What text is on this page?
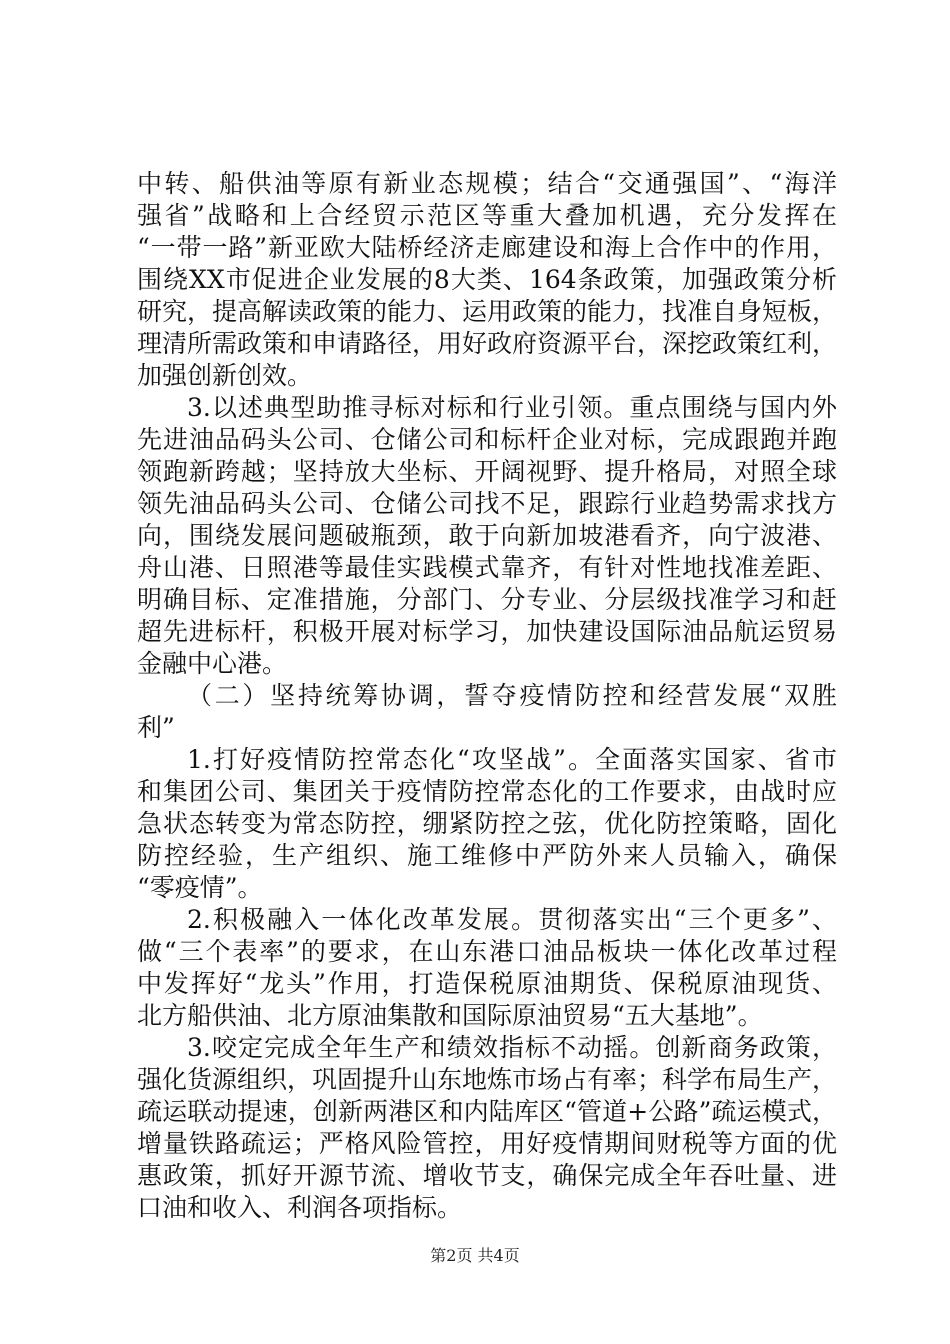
中转、船供油等原有新业态规模；结合“交通强国”、“海洋
强省”战略和上合经贸示范区等重大叠加机遇，充分发挥在
“一带一路”新亚欧大陆桥经济走廊建设和海上合作中的作用，
围绕XX市促进企业发展的8大类、164条政策，加强政策分析
研究，提高解读政策的能力、运用政策的能力，找准自身短板，
理清所需政策和申请路径，用好政府资源平台，深挖政策红利，
加强创新创效。
3.以述典型助推寻标对标和行业引领。重点围绕与国内外
先进油品码头公司、仓储公司和标杆企业对标，完成跟跑并跑
领跑新跨越；坚持放大坐标、开阔视野、提升格局，对照全球
领先油品码头公司、仓储公司找不足，跟踪行业趋势需求找方
向，围绕发展问题破瓶颈，敢于向新加坡港看齐，向宁波港、
舟山港、日照港等最佳实践模式靠齐，有针对性地找准差距、
明确目标、定准措施，分部门、分专业、分层级找准学习和赶
超先进标杆，积极开展对标学习，加快建设国际油品航运贸易
金融中心港。
（二）坚持统筹协调，誓夺疫情防控和经营发展“双胜
利”
1.打好疫情防控常态化“攻坚战”。全面落实国家、省市
和集团公司、集团关于疫情防控常态化的工作要求，由战时应
急状态转变为常态防控，绷紧防控之弦，优化防控策略，固化
防控经验，生产组织、施工维修中严防外来人员输入，确保
“零疫情”。
2.积极融入一体化改革发展。贯彻落实出“三个更多”、
做“三个表率”的要求，在山东港口油品板块一体化改革过程
中发挥好“龙头”作用，打造保税原油期货、保税原油现货、
北方船供油、北方原油集散和国际原油贸易“五大基地”。
3.咬定完成全年生产和绩效指标不动摇。创新商务政策，
强化货源组织，巩固提升山东地炼市场占有率；科学布局生产，
疏运联动提速，创新两港区和内陆库区“管道+公路”疏运模式，
增量铁路疏运；严格风险管控，用好疫情期间财税等方面的优
惠政策，抓好开源节流、增收节支，确保完成全年吞吐量、进
口油和收入、利润各项指标。
第2页 共4页
